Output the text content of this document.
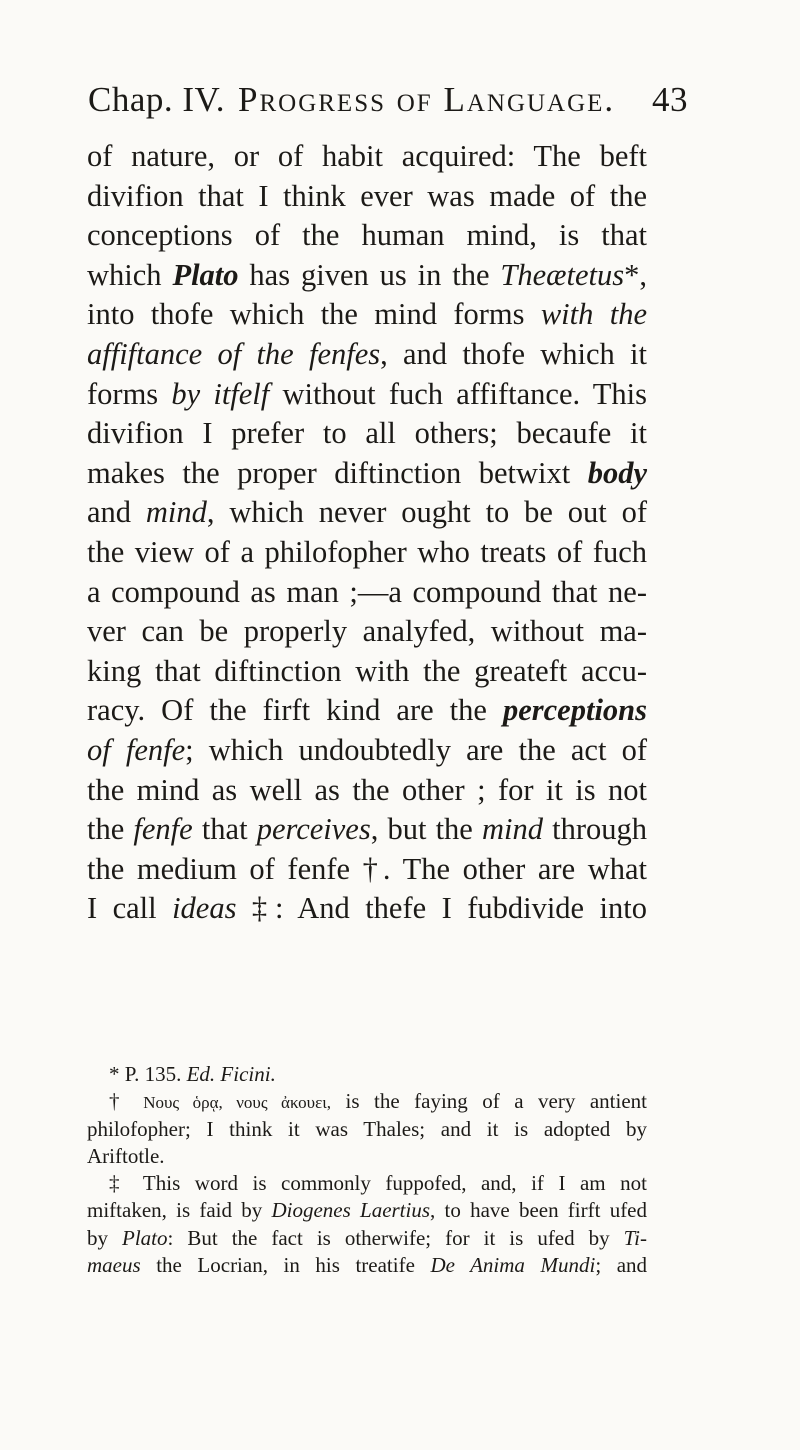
Chap. IV. Progress of Language. 43
of nature, or of habit acquired: The beft
divifion that I think ever was made of the
conceptions of the human mind, is that
which Plato has given us in the Theætetus*,
into thofe which the mind forms with the
affiftance of the fenfes, and thofe which it
forms by itfelf without fuch affiftance. This
divifion I prefer to all others; becaufe it
makes the proper diftinction betwixt body
and mind, which never ought to be out of
the view of a philofopher who treats of fuch
a compound as man ;—a compound that ne-
ver can be properly analyfed, without ma-
king that diftinction with the greateft accu-
racy. Of the firft kind are the perceptions
of fenfe; which undoubtedly are the act of
the mind as well as the other ; for it is not
the fenfe that perceives, but the mind through
the medium of fenfe †. The other are what
I call ideas ‡: And thefe I fubdivide into
* P. 135. Ed. Ficini.
† Νους ὁρᾳ, νους ἀκουει, is the faying of a very antient
philofopher; I think it was Thales; and it is adopted by
Ariftotle.
‡ This word is commonly fuppofed, and, if I am not
miftaken, is faid by Diogenes Laertius, to have been firft ufed
by Plato: But the fact is otherwife; for it is ufed by Ti-
maeus the Locrian, in his treatife De Anima Mundi; and
